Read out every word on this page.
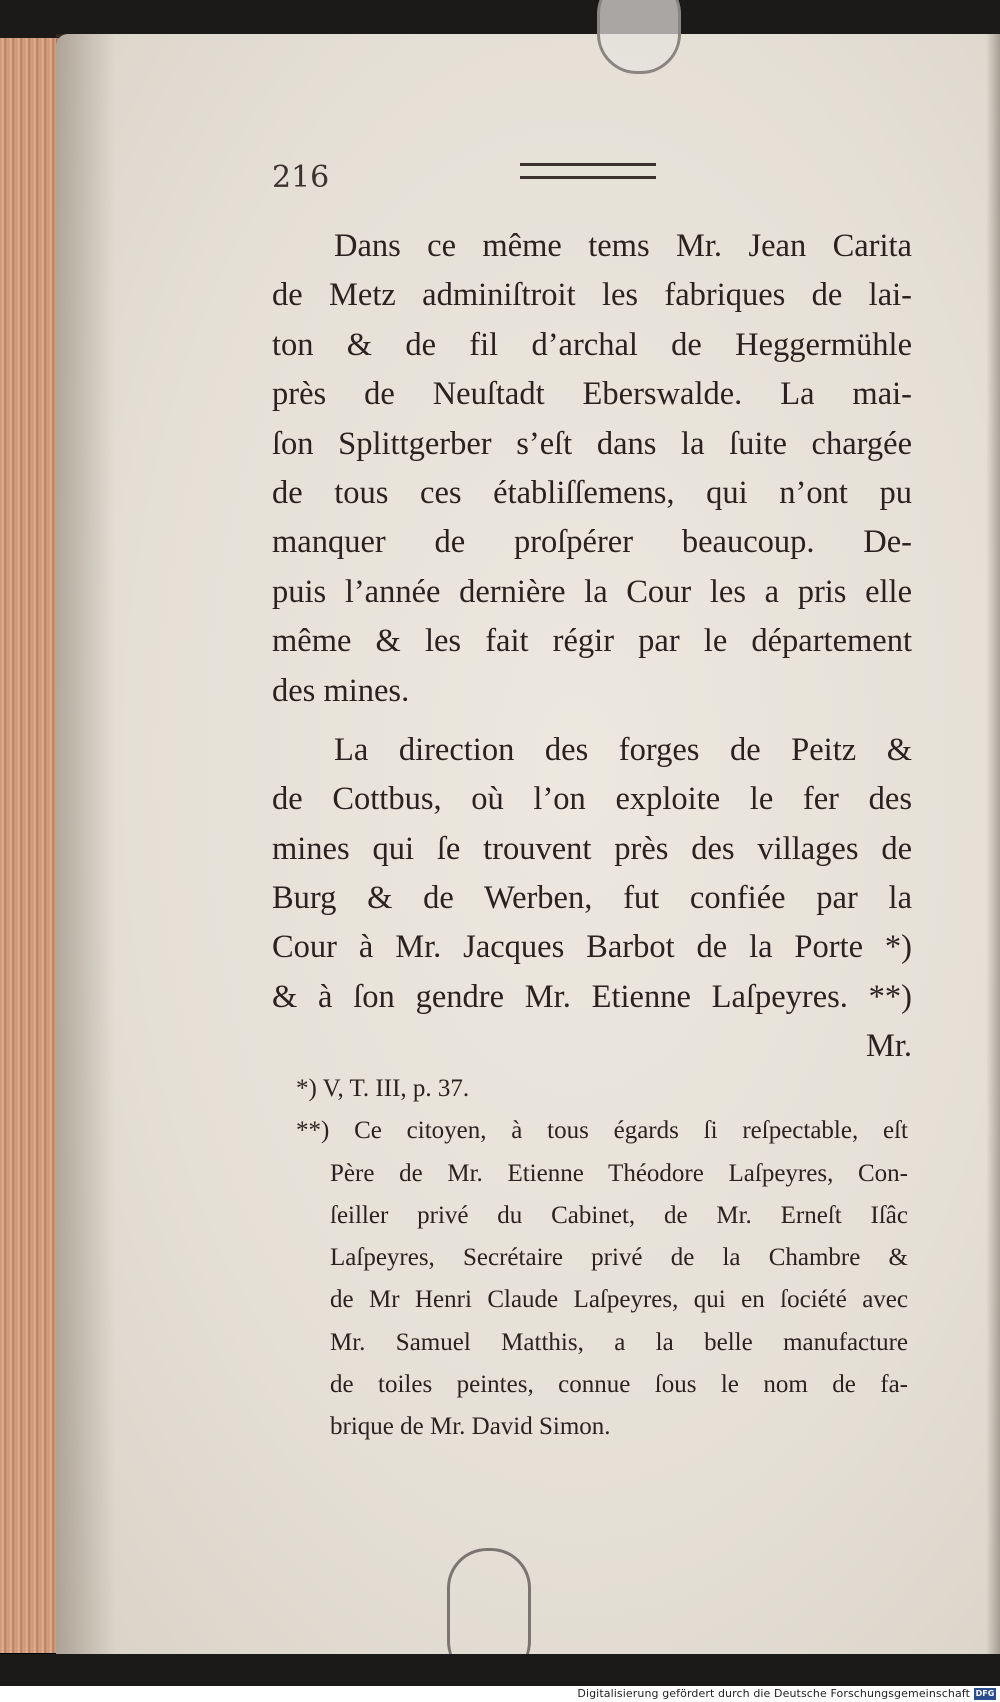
216
Dans ce même tems Mr. Jean Carita
de Metz adminiſtroit les fabriques de lai-
ton & de fil d’archal de Heggermühle
près de Neuſtadt Eberswalde. La mai-
ſon Splittgerber s’eſt dans la ſuite chargée
de tous ces établiſſemens, qui n’ont pu
manquer de proſpérer beaucoup. De-
puis l’année dernière la Cour les a pris elle
même & les fait régir par le département
des mines.
La direction des forges de Peitz &
de Cottbus, où l’on exploite le fer des
mines qui ſe trouvent près des villages de
Burg & de Werben, fut confiée par la
Cour à Mr. Jacques Barbot de la Porte *)
& à ſon gendre Mr. Etienne Laſpeyres. **)
Mr.
*) V, T. III, p. 37.
**) Ce citoyen, à tous égards ſi reſpectable, eſt
Père de Mr. Etienne Théodore Laſpeyres, Con-
ſeiller privé du Cabinet, de Mr. Erneſt Iſâc
Laſpeyres, Secrétaire privé de la Chambre &
de Mr Henri Claude Laſpeyres, qui en ſociété avec
Mr. Samuel Matthis, a la belle manufacture
de toiles peintes, connue ſous le nom de fa-
brique de Mr. David Simon.
Digitalisierung gefördert durch die Deutsche Forschungsgemeinschaft DFG
